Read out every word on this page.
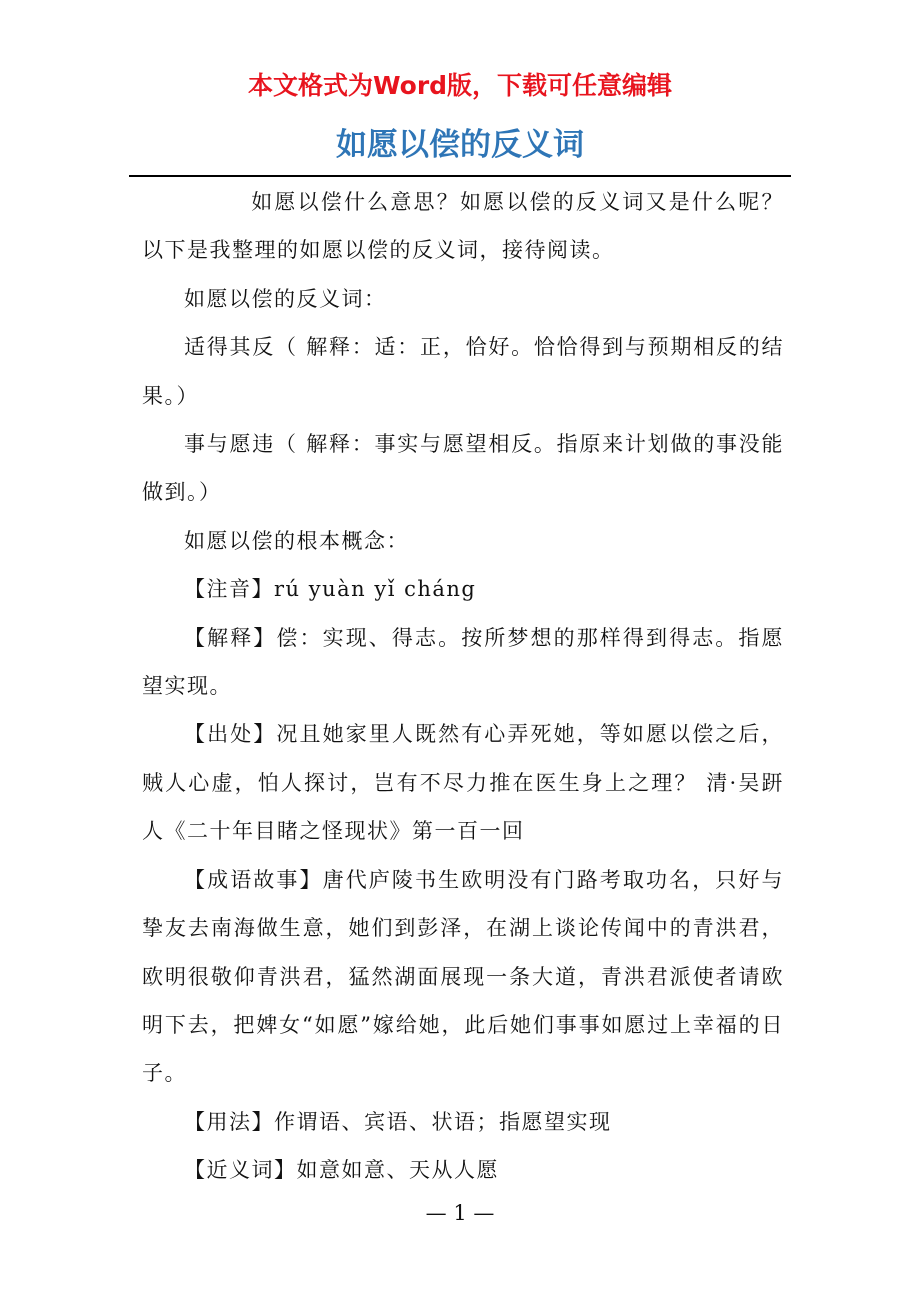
本文格式为Word版，下载可任意编辑
如愿以偿的反义词

如愿以偿什么意思？如愿以偿的反义词又是什么呢？以下是我整理的如愿以偿的反义词，接待阅读。

如愿以偿的反义词：

适得其反（ 解释：适：正，恰好。恰恰得到与预期相反的结果。）

事与愿违（ 解释：事实与愿望相反。指原来计划做的事没能做到。）

如愿以偿的根本概念：

【注音】rú yuàn yǐ cháng

【解释】偿：实现、得志。按所梦想的那样得到得志。指愿望实现。

【出处】况且她家里人既然有心弄死她，等如愿以偿之后，贼人心虚，怕人探讨，岂有不尽力推在医生身上之理？ 清·吴趼人《二十年目睹之怪现状》第一百一回

【成语故事】唐代庐陵书生欧明没有门路考取功名，只好与挚友去南海做生意，她们到彭泽，在湖上谈论传闻中的青洪君，欧明很敬仰青洪君，猛然湖面展现一条大道，青洪君派使者请欧明下去，把婢女“如愿”嫁给她，此后她们事事如愿过上幸福的日子。

【用法】作谓语、宾语、状语；指愿望实现

【近义词】如意如意、天从人愿

— 1 —
